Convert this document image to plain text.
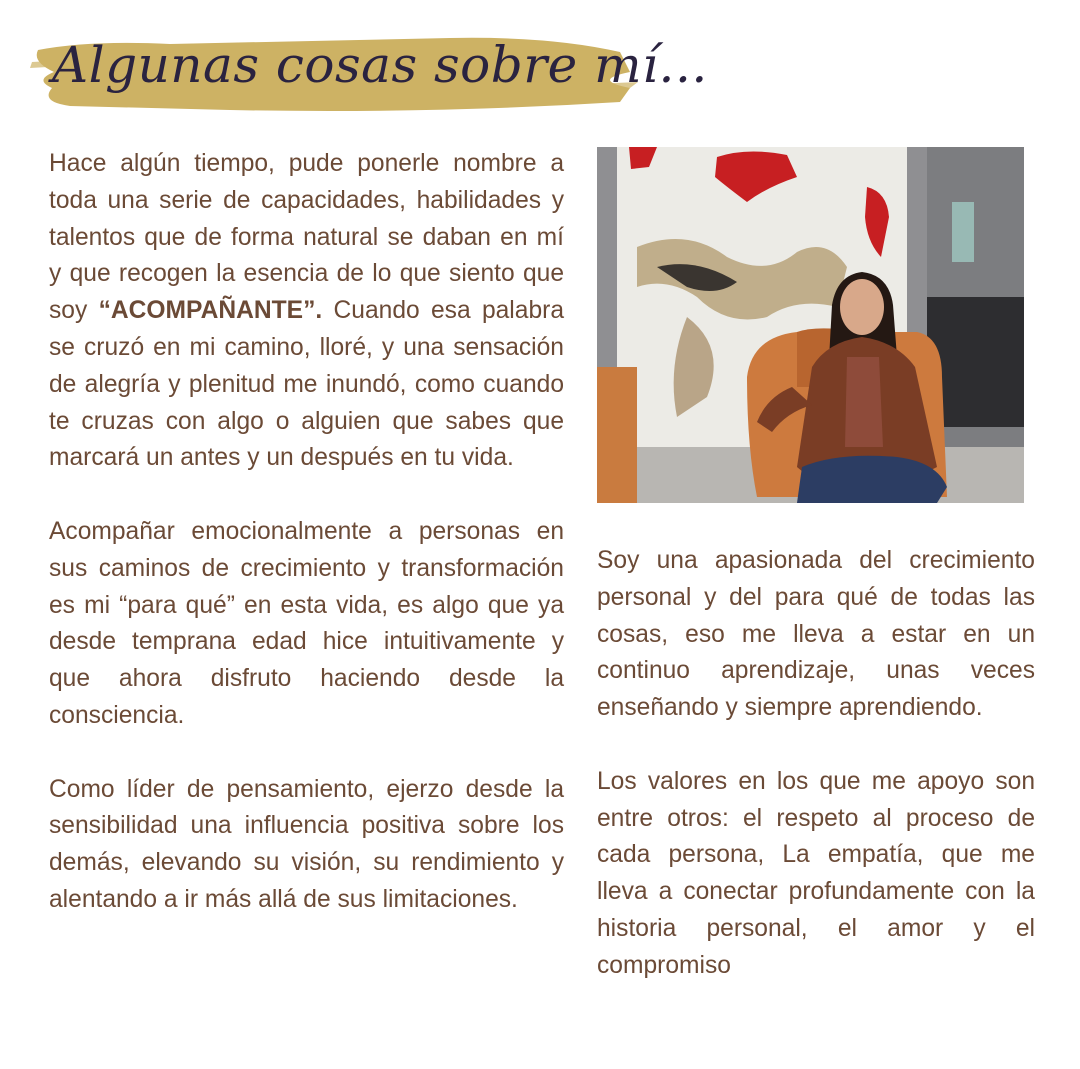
Algunas cosas sobre mí...

Hace algún tiempo, pude ponerle nombre a toda una serie de capacidades, habilidades y talentos que de forma natural se daban en mí y que recogen la esencia de lo que siento que soy “ACOMPAÑANTE”. Cuando esa palabra se cruzó en mi camino, lloré, y una sensación de alegría y plenitud me inundó, como cuando te cruzas con algo o alguien que sabes que marcará un antes y un después en tu vida.

Acompañar emocionalmente a personas en sus caminos de crecimiento y transformación es mi “para qué” en esta vida, es algo que ya desde temprana edad hice intuitivamente y que ahora disfruto haciendo desde la consciencia.

Como líder de pensamiento, ejerzo desde la sensibilidad una influencia positiva sobre los demás, elevando su visión, su rendimiento y alentando a ir más allá de sus limitaciones.

Soy una apasionada del crecimiento personal y del para qué de todas las cosas, eso me lleva a estar en un continuo aprendizaje, unas veces enseñando y siempre aprendiendo.

Los valores en los que me apoyo son entre otros: el respeto al proceso de cada persona, La empatía, que me lleva a conectar profundamente con la historia personal, el amor y el compromiso
